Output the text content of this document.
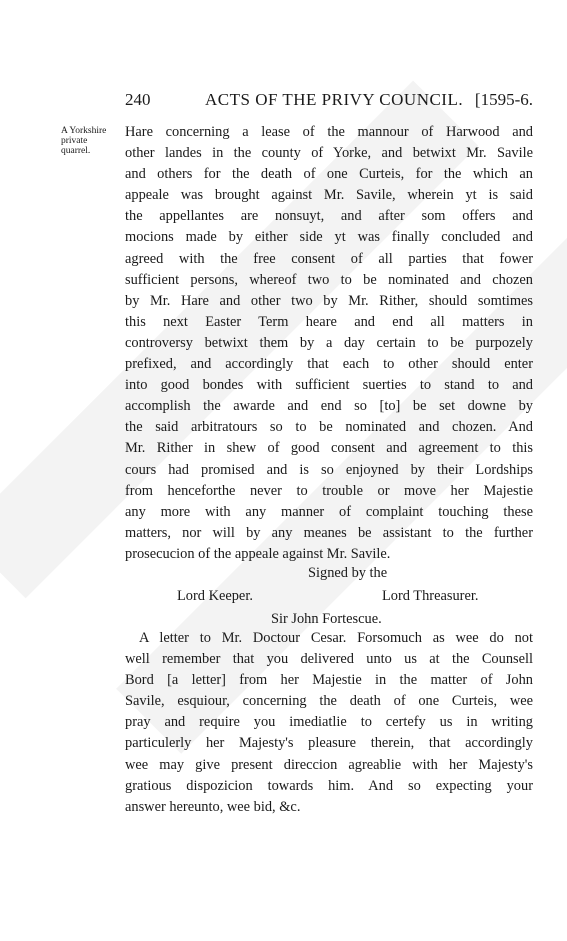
240	ACTS OF THE PRIVY COUNCIL. [1595-6.
A Yorkshire
private
quarrel.
Hare concerning a lease of the mannour of Harwood and
other landes in the county of Yorke, and betwixt Mr. Savile
and others for the death of one Curteis, for the which an
appeale was brought against Mr. Savile, wherein yt is said
the appellantes are nonsuyt, and after som offers and
mocions made by either side yt was finally concluded and
agreed with the free consent of all parties that fower
sufficient persons, whereof two to be nominated and chozen
by Mr. Hare and other two by Mr. Rither, should somtimes
this next Easter Term heare and end all matters in
controversy betwixt them by a day certain to be purpozely
prefixed, and accordingly that each to other should enter
into good bondes with sufficient suerties to stand to and
accomplish the awarde and end so [to] be set downe by
the said arbitratours so to be nominated and chozen. And
Mr. Rither in shew of good consent and agreement to this
cours had promised and is so enjoyned by their Lordships
from henceforthe never to trouble or move her Majestie
any more with any manner of complaint touching these
matters, nor will by any meanes be assistant to the further
prosecucion of the appeale against Mr. Savile.
Signed by the
Lord Keeper.	Lord Threasurer.
Sir John Fortescue.
A letter to Mr. Doctour Cesar. Forsomuch as wee do not
well remember that you delivered unto us at the Counsell
Bord [a letter] from her Majestie in the matter of John
Savile, esquiour, concerning the death of one Curteis, wee
pray and require you imediatlie to certefy us in writing
particulerly her Majesty's pleasure therein, that accordingly
wee may give present direccion agreablie with her Majesty's
gratious dispozicion towards him. And so expecting your
answer hereunto, wee bid, &c.
